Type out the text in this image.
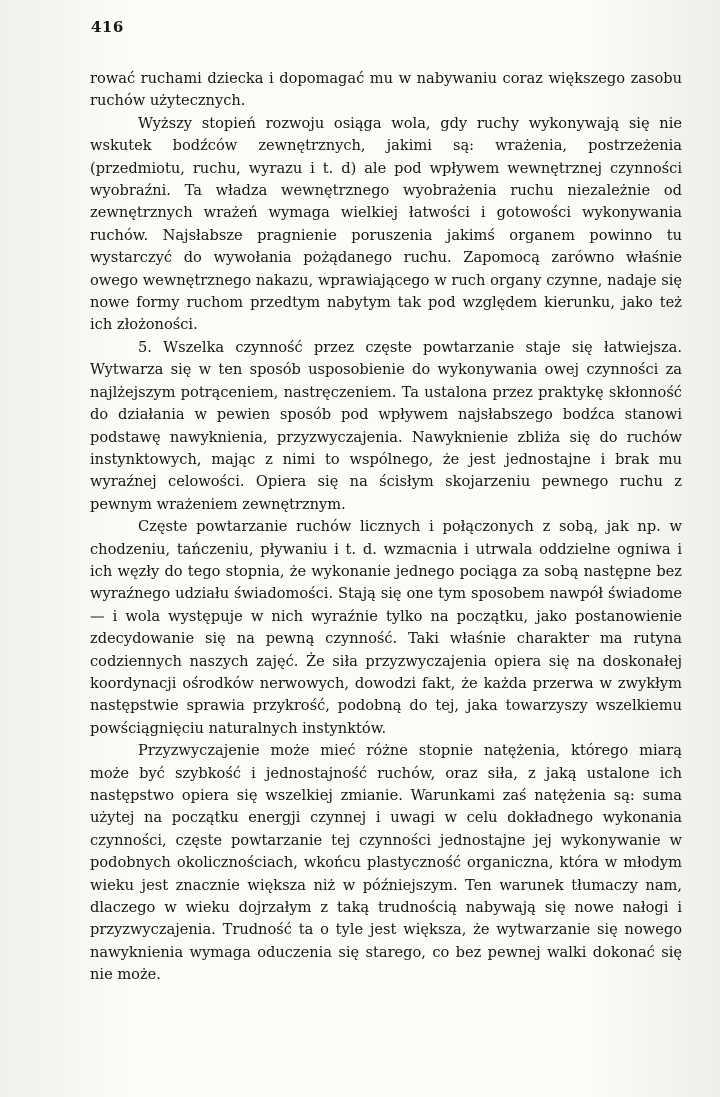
416

rować ruchami dziecka i dopomagać mu w nabywaniu coraz większego zasobu ruchów użytecznych.

Wyższy stopień rozwoju osiąga wola, gdy ruchy wykonywają się nie wskutek bodźców zewnętrznych, jakimi są: wrażenia, postrzeżenia (przedmiotu, ruchu, wyrazu i t. d) ale pod wpływem wewnętrznej czynności wyobraźni. Ta władza wewnętrznego wyobrażenia ruchu niezależnie od zewnętrznych wrażeń wymaga wielkiej łatwości i gotowości wykonywania ruchów. Najsłabsze pragnienie poruszenia jakimś organem powinno tu wystarczyć do wywołania pożądanego ruchu. Zapomocą zarówno właśnie owego wewnętrznego nakazu, wprawiającego w ruch organy czynne, nadaje się nowe formy ruchom przedtym nabytym tak pod względem kierunku, jako też ich złożoności.

5. Wszelka czynność przez częste powtarzanie staje się łatwiejsza. Wytwarza się w ten sposób usposobienie do wykonywania owej czynności za najlżejszym potrąceniem, nastręczeniem. Ta ustalona przez praktykę skłonność do działania w pewien sposób pod wpływem najsłabszego bodźca stanowi podstawę nawyknienia, przyzwyczajenia. Nawyknienie zbliża się do ruchów instynktowych, mając z nimi to wspólnego, że jest jednostajne i brak mu wyraźnej celowości. Opiera się na ścisłym skojarzeniu pewnego ruchu z pewnym wrażeniem zewnętrznym.

Częste powtarzanie ruchów licznych i połączonych z sobą, jak np. w chodzeniu, tańczeniu, pływaniu i t. d. wzmacnia i utrwala oddzielne ogniwa i ich węzły do tego stopnia, że wykonanie jednego pociąga za sobą następne bez wyraźnego udziału świadomości. Stają się one tym sposobem nawpół świadome — i wola występuje w nich wyraźnie tylko na początku, jako postanowienie zdecydowanie się na pewną czynność. Taki właśnie charakter ma rutyna codziennych naszych zajęć. Że siła przyzwyczajenia opiera się na doskonałej koordynacji ośrodków nerwowych, dowodzi fakt, że każda przerwa w zwykłym następstwie sprawia przykrość, podobną do tej, jaka towarzyszy wszelkiemu powściągnięciu naturalnych instynktów.

Przyzwyczajenie może mieć różne stopnie natężenia, którego miarą może być szybkość i jednostajność ruchów, oraz siła, z jaką ustalone ich następstwo opiera się wszelkiej zmianie. Warunkami zaś natężenia są: suma użytej na początku energji czynnej i uwagi w celu dokładnego wykonania czynności, częste powtarzanie tej czynności jednostajne jej wykonywanie w podobnych okolicznościach, wkońcu plastyczność organiczna, która w młodym wieku jest znacznie większa niż w późniejszym. Ten warunek tłumaczy nam, dlaczego w wieku dojrzałym z taką trudnością nabywają się nowe nałogi i przyzwyczajenia. Trudność ta o tyle jest większa, że wytwarzanie się nowego nawyknienia wymaga oduczenia się starego, co bez pewnej walki dokonać się nie może.
